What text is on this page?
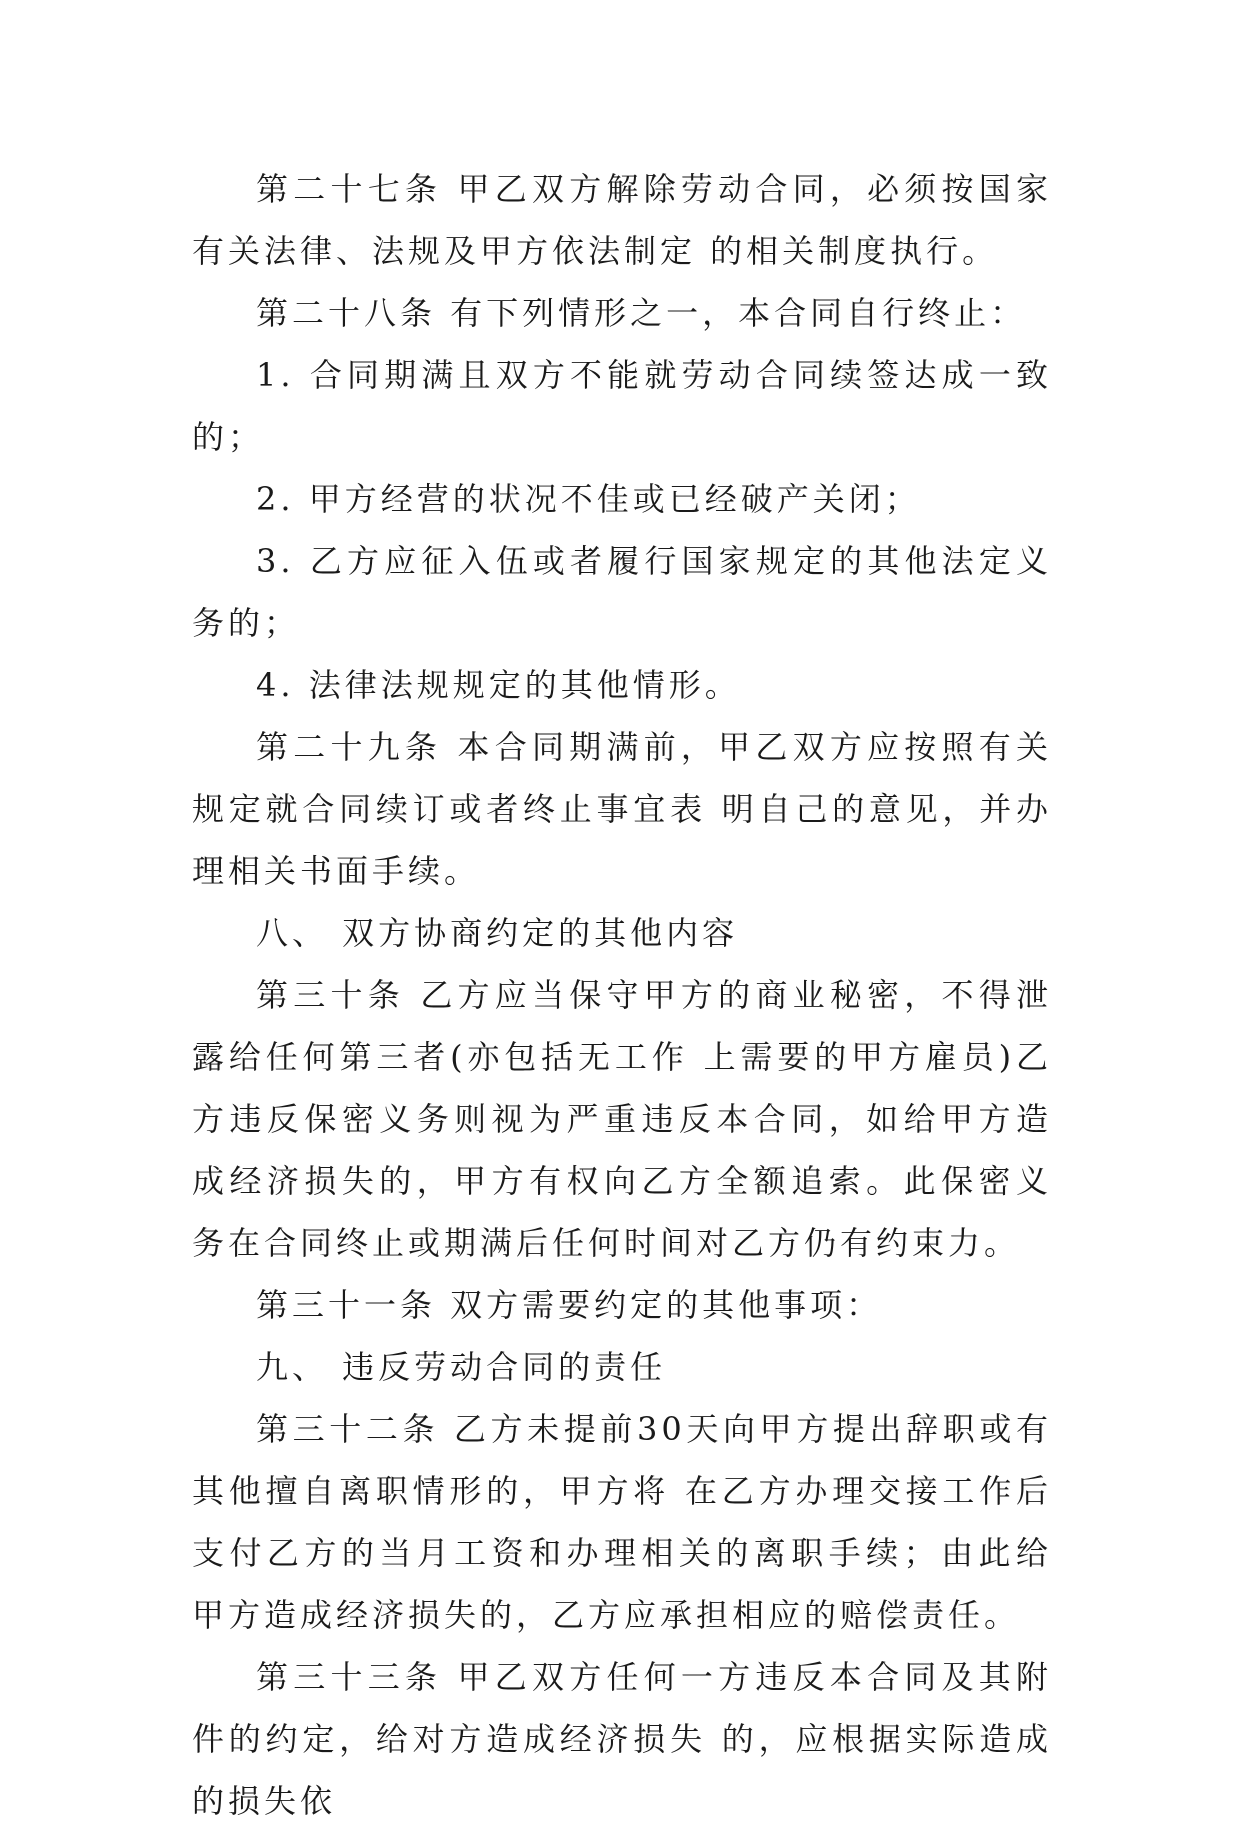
第二十七条 甲乙双方解除劳动合同，必须按国家有关法律、法规及甲方依法制定 的相关制度执行。

第二十八条 有下列情形之一，本合同自行终止：

1. 合同期满且双方不能就劳动合同续签达成一致的；

2. 甲方经营的状况不佳或已经破产关闭；

3. 乙方应征入伍或者履行国家规定的其他法定义务的；

4. 法律法规规定的其他情形。

第二十九条 本合同期满前，甲乙双方应按照有关规定就合同续订或者终止事宜表 明自己的意见，并办理相关书面手续。

八、 双方协商约定的其他内容

第三十条 乙方应当保守甲方的商业秘密，不得泄露给任何第三者(亦包括无工作 上需要的甲方雇员)乙方违反保密义务则视为严重违反本合同，如给甲方造成经济损失的，甲方有权向乙方全额追索。此保密义务在合同终止或期满后任何时间对乙方仍有约束力。

第三十一条 双方需要约定的其他事项：

九、 违反劳动合同的责任

第三十二条 乙方未提前30天向甲方提出辞职或有其他擅自离职情形的，甲方将 在乙方办理交接工作后支付乙方的当月工资和办理相关的离职手续；由此给甲方造成经济损失的，乙方应承担相应的赔偿责任。

第三十三条 甲乙双方任何一方违反本合同及其附件的约定，给对方造成经济损失 的，应根据实际造成的损失依
